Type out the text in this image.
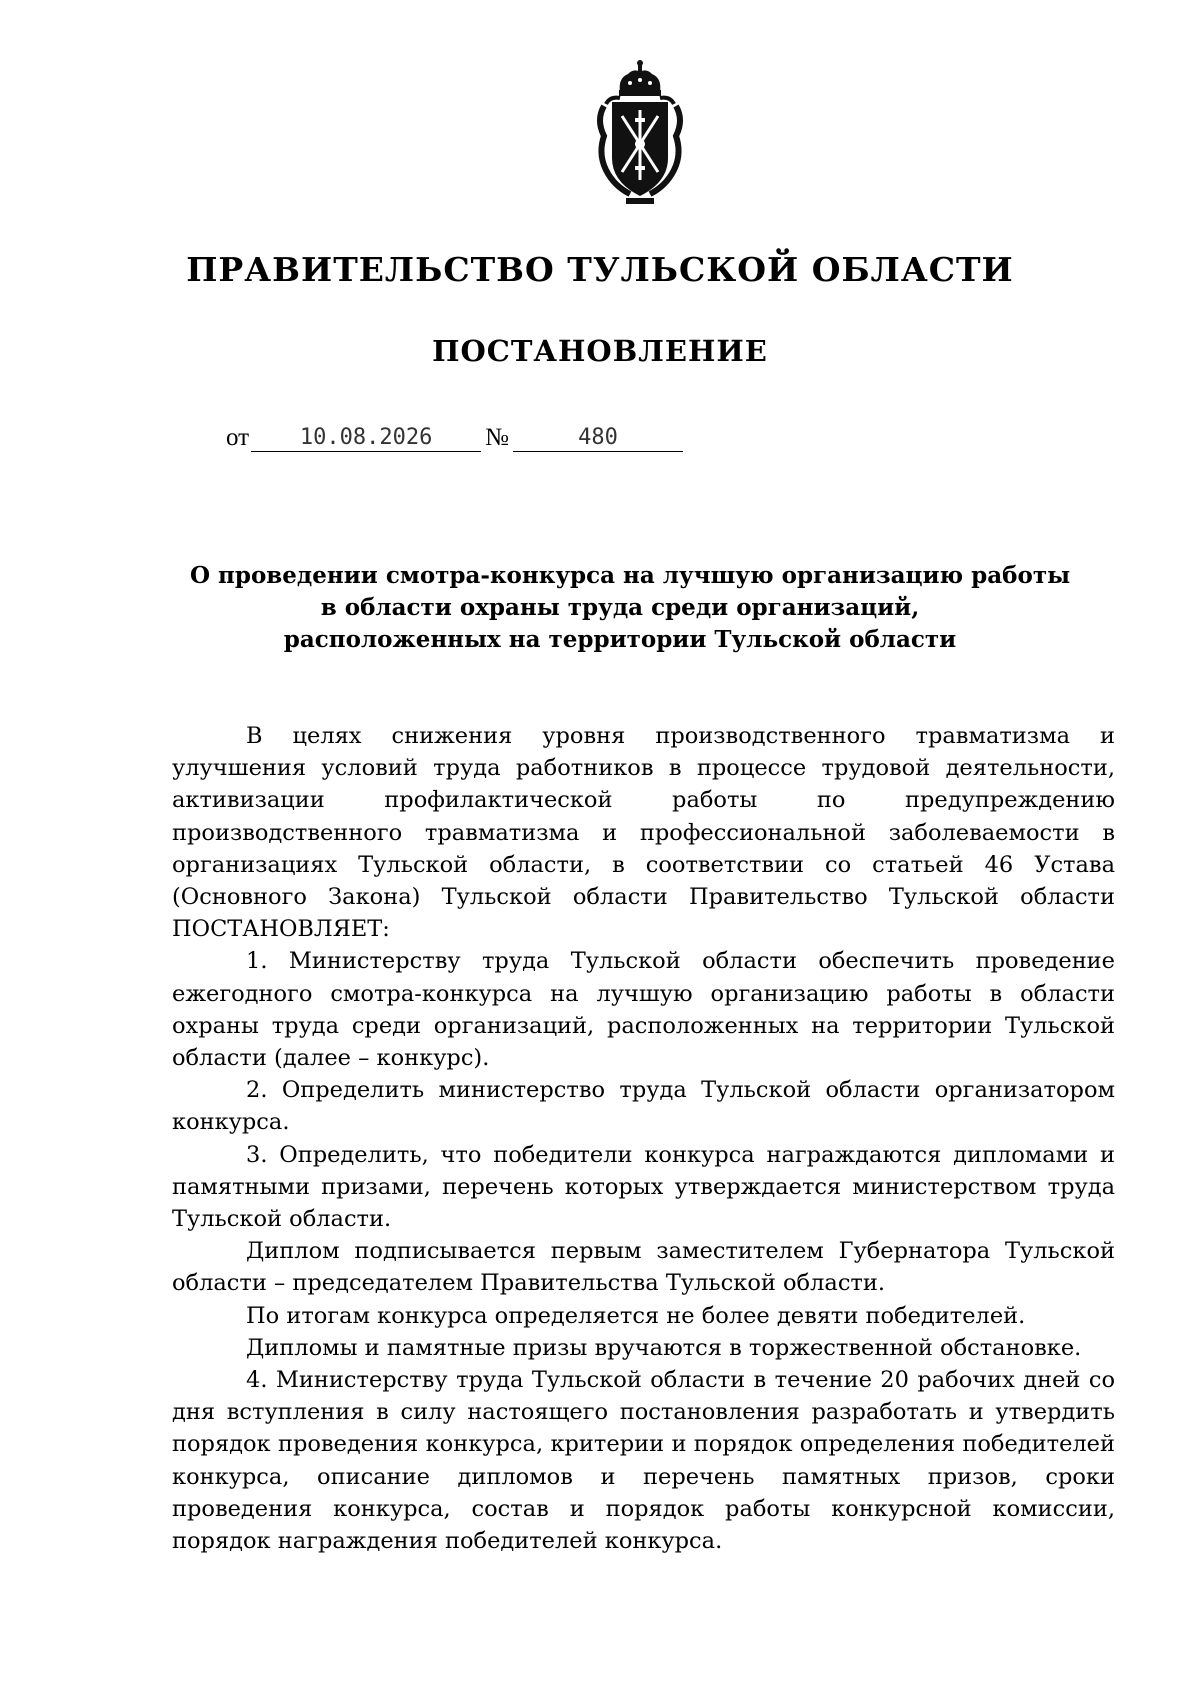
ПРАВИТЕЛЬСТВО ТУЛЬСКОЙ ОБЛАСТИ
ПОСТАНОВЛЕНИЕ
от	10.08.2026	№	480
О проведении смотра-конкурса на лучшую организацию работы
в области охраны труда среди организаций,
расположенных на территории Тульской области

В целях снижения уровня производственного травматизма и улучшения условий труда работников в процессе трудовой деятельности, активизации профилактической работы по предупреждению производственного травматизма и профессиональной заболеваемости в организациях Тульской области, в соответствии со статьей 46 Устава (Основного Закона) Тульской области Правительство Тульской области ПОСТАНОВЛЯЕТ:

1. Министерству труда Тульской области обеспечить проведение ежегодного смотра-конкурса на лучшую организацию работы в области охраны труда среди организаций, расположенных на территории Тульской области (далее – конкурс).

2. Определить министерство труда Тульской области организатором конкурса.

3. Определить, что победители конкурса награждаются дипломами и памятными призами, перечень которых утверждается министерством труда Тульской области.

Диплом подписывается первым заместителем Губернатора Тульской области – председателем Правительства Тульской области.

По итогам конкурса определяется не более девяти победителей.

Дипломы и памятные призы вручаются в торжественной обстановке.

4. Министерству труда Тульской области в течение 20 рабочих дней со дня вступления в силу настоящего постановления разработать и утвердить порядок проведения конкурса, критерии и порядок определения победителей конкурса, описание дипломов и перечень памятных призов, сроки проведения конкурса, состав и порядок работы конкурсной комиссии, порядок награждения победителей конкурса.
